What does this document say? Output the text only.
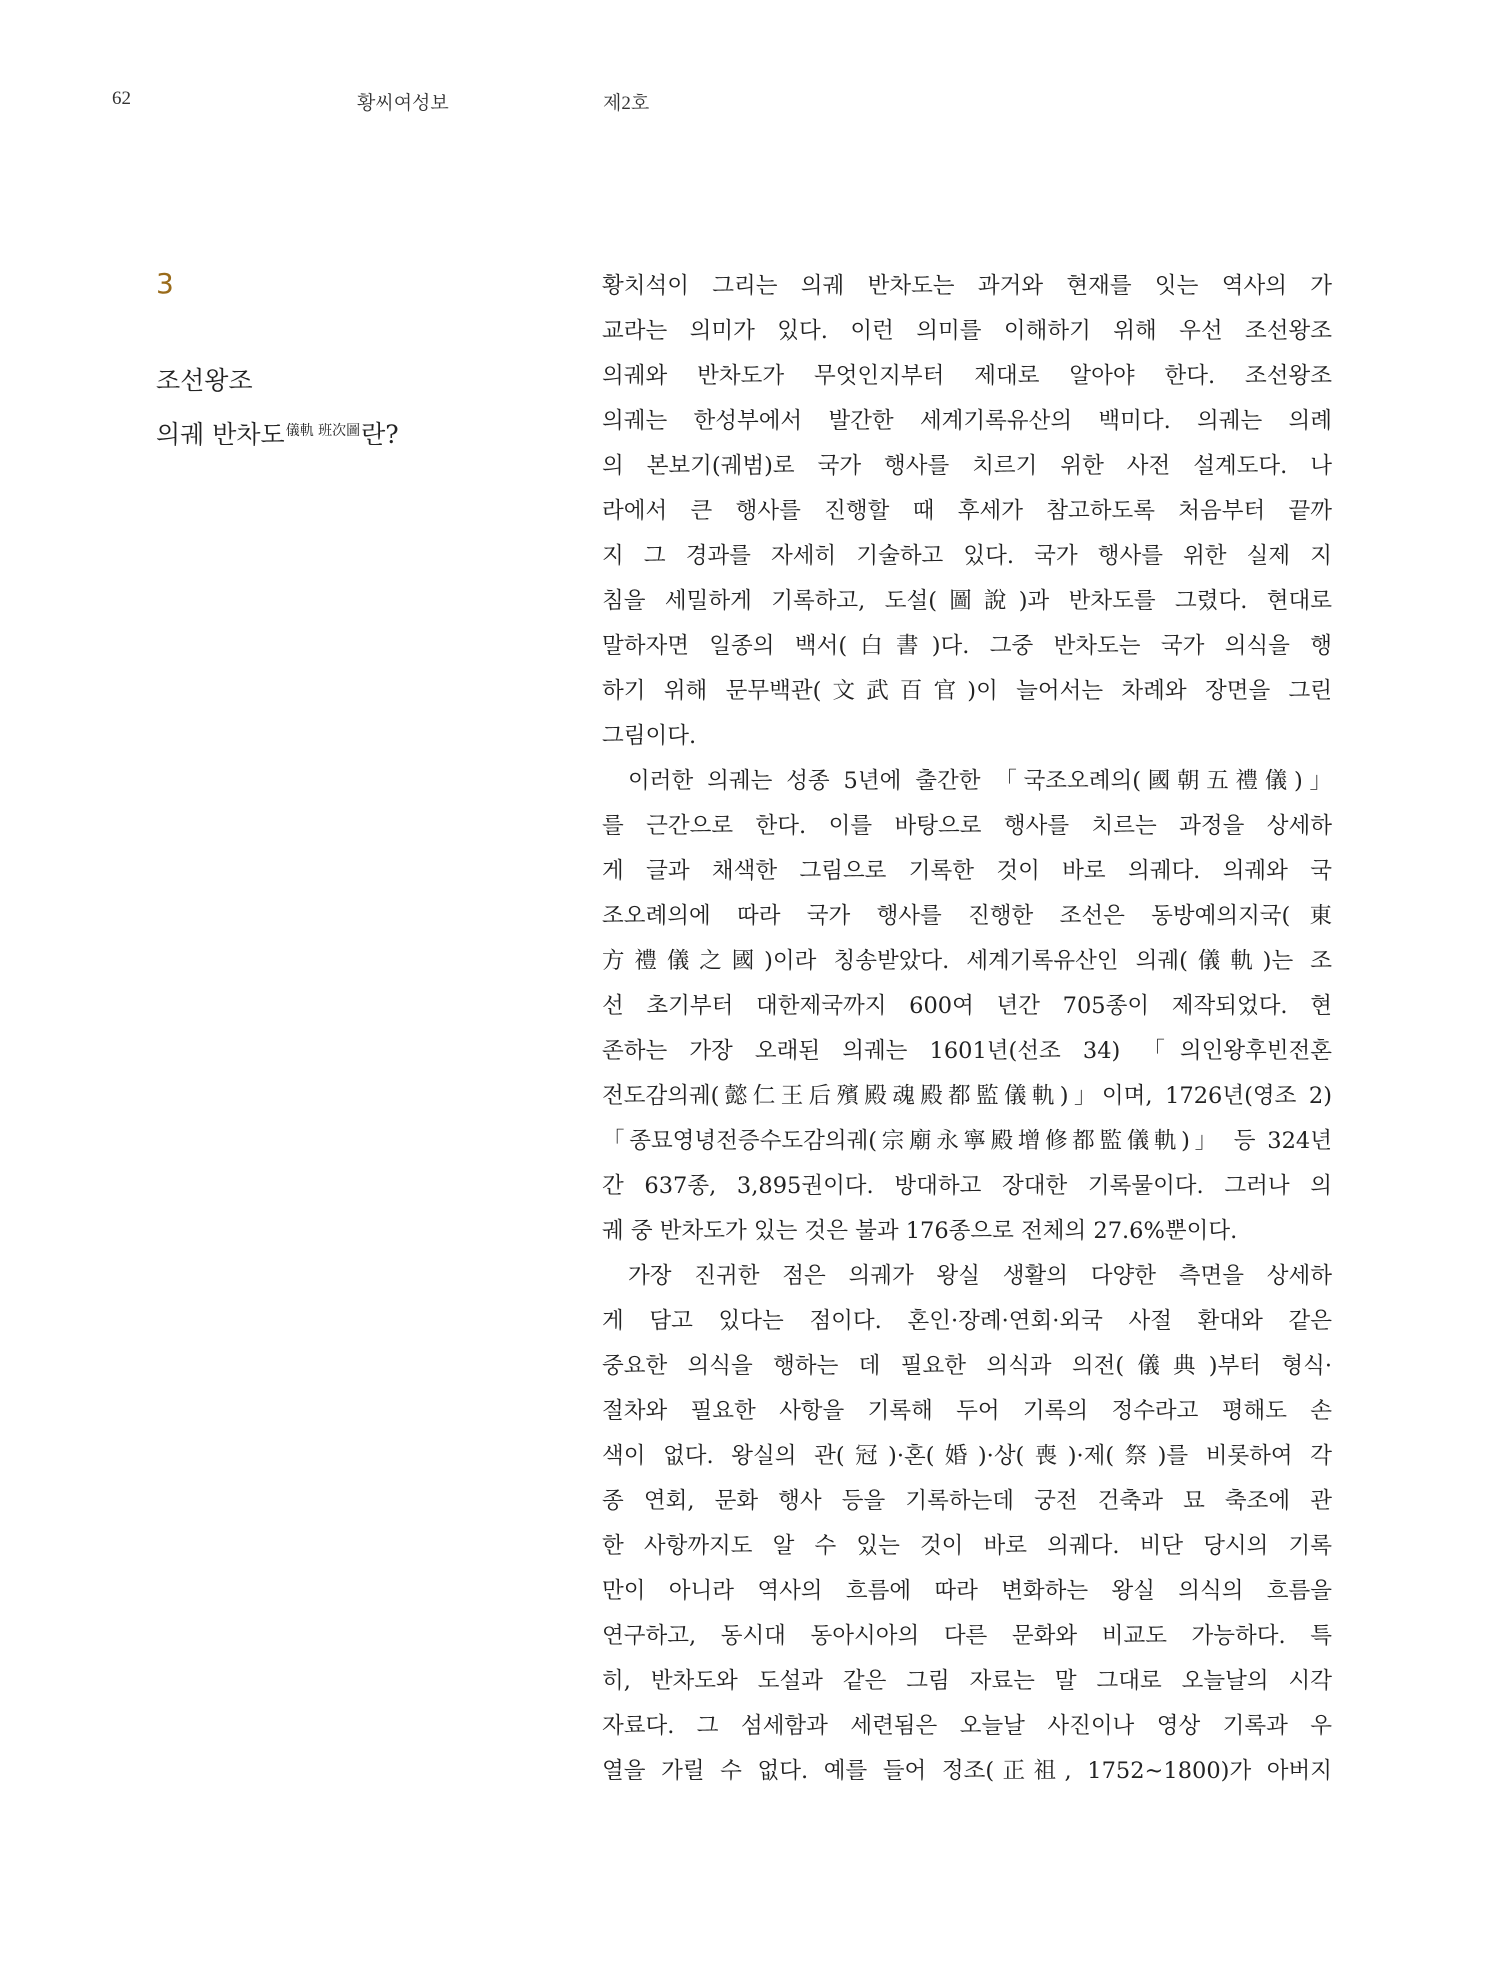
62	황씨여성보	제2호
3
조선왕조
의궤 반차도$^{儀軌 班次圖}$란?
황치석이 그리는 의궤 반차도는 과거와 현재를 잇는 역사의 가
교라는 의미가 있다. 이런 의미를 이해하기 위해 우선 조선왕조
의궤와 반차도가 무엇인지부터 제대로 알아야 한다. 조선왕조
의궤는 한성부에서 발간한 세계기록유산의 백미다. 의궤는 의례
의 본보기(궤범)로 국가 행사를 치르기 위한 사전 설계도다. 나
라에서 큰 행사를 진행할 때 후세가 참고하도록 처음부터 끝까
지 그 경과를 자세히 기술하고 있다. 국가 행사를 위한 실제 지
침을 세밀하게 기록하고, 도설(圖說)과 반차도를 그렸다. 현대로
말하자면 일종의 백서(白書)다. 그중 반차도는 국가 의식을 행
하기 위해 문무백관(文武百官)이 늘어서는 차례와 장면을 그린
그림이다.
이러한 의궤는 성종 5년에 출간한 「국조오례의(國朝五禮儀)」
를 근간으로 한다. 이를 바탕으로 행사를 치르는 과정을 상세하
게 글과 채색한 그림으로 기록한 것이 바로 의궤다. 의궤와 국
조오례의에 따라 국가 행사를 진행한 조선은 동방예의지국(東
方禮儀之國)이라 칭송받았다. 세계기록유산인 의궤(儀軌)는 조
선 초기부터 대한제국까지 600여 년간 705종이 제작되었다. 현
존하는 가장 오래된 의궤는 1601년(선조 34) 「의인왕후빈전혼
전도감의궤(懿仁王后殯殿魂殿都監儀軌)」이며, 1726년(영조 2)
「종묘영녕전증수도감의궤(宗廟永寧殿增修都監儀軌)」 등 324년
간 637종, 3,895권이다. 방대하고 장대한 기록물이다. 그러나 의
궤 중 반차도가 있는 것은 불과 176종으로 전체의 27.6%뿐이다.
가장 진귀한 점은 의궤가 왕실 생활의 다양한 측면을 상세하
게 담고 있다는 점이다. 혼인·장례·연회·외국 사절 환대와 같은
중요한 의식을 행하는 데 필요한 의식과 의전(儀典)부터 형식·
절차와 필요한 사항을 기록해 두어 기록의 정수라고 평해도 손
색이 없다. 왕실의 관(冠)·혼(婚)·상(喪)·제(祭)를 비롯하여 각
종 연회, 문화 행사 등을 기록하는데 궁전 건축과 묘 축조에 관
한 사항까지도 알 수 있는 것이 바로 의궤다. 비단 당시의 기록
만이 아니라 역사의 흐름에 따라 변화하는 왕실 의식의 흐름을
연구하고, 동시대 동아시아의 다른 문화와 비교도 가능하다. 특
히, 반차도와 도설과 같은 그림 자료는 말 그대로 오늘날의 시각
자료다. 그 섬세함과 세련됨은 오늘날 사진이나 영상 기록과 우
열을 가릴 수 없다. 예를 들어 정조(正祖, 1752~1800)가 아버지
